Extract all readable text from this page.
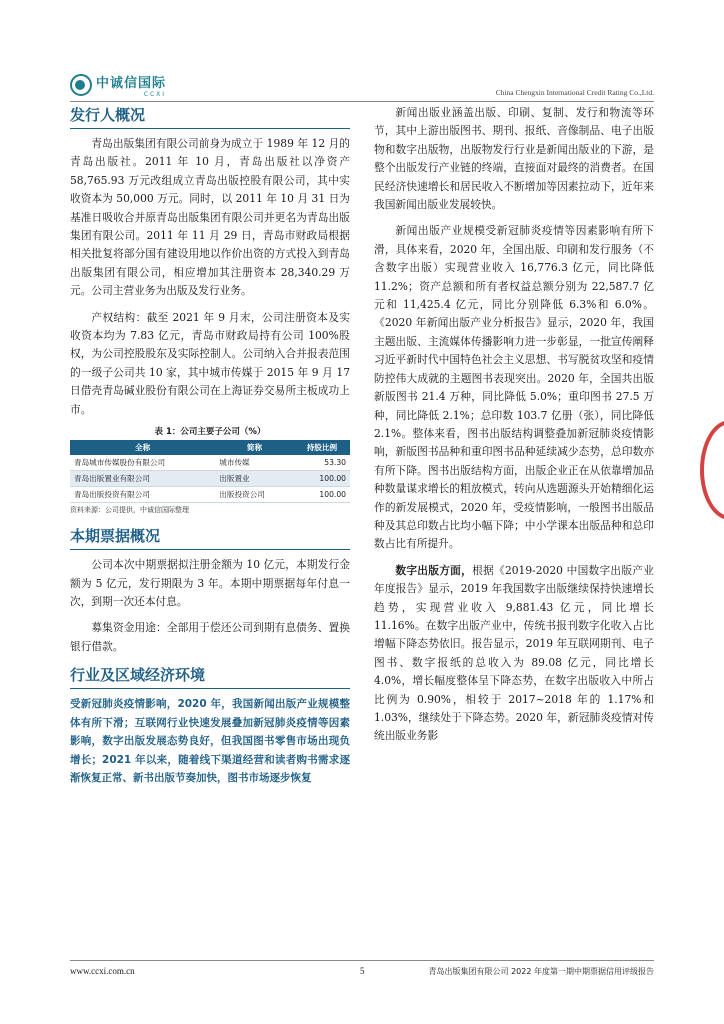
中诚信国际
CCXI	China Chengxin International Credit Rating Co.,Ltd.
发行人概况

青岛出版集团有限公司前身为成立于 1989 年 12 月的青岛出版社。2011 年 10 月，青岛出版社以净资产 58,765.93 万元改组成立青岛出版控股有限公司，其中实收资本为 50,000 万元。同时，以 2011 年 10 月 31 日为基准日吸收合并原青岛出版集团有限公司并更名为青岛出版集团有限公司。2011 年 11 月 29 日，青岛市财政局根据相关批复将部分国有建设用地以作价出资的方式投入到青岛出版集团有限公司，相应增加其注册资本 28,340.29 万元。公司主营业务为出版及发行业务。

产权结构：截至 2021 年 9 月末，公司注册资本及实收资本均为 7.83 亿元，青岛市财政局持有公司 100%股权，为公司控股股东及实际控制人。公司纳入合并报表范围的一级子公司共 10 家，其中城市传媒于 2015 年 9 月 17 日借壳青岛碱业股份有限公司在上海证券交易所主板成功上市。

表 1：公司主要子公司（%）
全称	简称	持股比例
青岛城市传媒股份有限公司	城市传媒	53.30
青岛出版置业有限公司	出版置业	100.00
青岛出版投资有限公司	出版投资公司	100.00
资料来源：公司提供，中诚信国际整理
本期票据概况

公司本次中期票据拟注册金额为 10 亿元，本期发行金额为 5 亿元，发行期限为 3 年。本期中期票据每年付息一次，到期一次还本付息。

募集资金用途：全部用于偿还公司到期有息债务、置换银行借款。

行业及区域经济环境

受新冠肺炎疫情影响，2020 年，我国新闻出版产业规模整体有所下滑；互联网行业快速发展叠加新冠肺炎疫情等因素影响，数字出版发展态势良好，但我国图书零售市场出现负增长；2021 年以来，随着线下渠道经营和读者购书需求逐渐恢复正常、新书出版节奏加快，图书市场逐步恢复

新闻出版业涵盖出版、印刷、复制、发行和物流等环节，其中上游出版图书、期刊、报纸、音像制品、电子出版物和数字出版物，出版物发行行业是新闻出版业的下游，是整个出版发行产业链的终端，直接面对最终的消费者。在国民经济快速增长和居民收入不断增加等因素拉动下，近年来我国新闻出版业发展较快。

新闻出版产业规模受新冠肺炎疫情等因素影响有所下滑，具体来看，2020 年，全国出版、印刷和发行服务（不含数字出版）实现营业收入 16,776.3 亿元，同比降低 11.2%；资产总额和所有者权益总额分别为 22,587.7 亿元和 11,425.4 亿元，同比分别降低 6.3%和 6.0%。《2020 年新闻出版产业分析报告》显示，2020 年，我国主题出版、主流媒体传播影响力进一步彰显，一批宣传阐释习近平新时代中国特色社会主义思想、书写脱贫攻坚和疫情防控伟大成就的主题图书表现突出。2020 年，全国共出版新版图书 21.4 万种，同比降低 5.0%；重印图书 27.5 万种，同比降低 2.1%；总印数 103.7 亿册（张），同比降低 2.1%。整体来看，图书出版结构调整叠加新冠肺炎疫情影响，新版图书品种和重印图书品种延续减少态势，总印数亦有所下降。图书出版结构方面，出版企业正在从依靠增加品种数量谋求增长的粗放模式，转向从选题源头开始精细化运作的新发展模式，2020 年，受疫情影响，一般图书出版品种及其总印数占比均小幅下降；中小学课本出版品种和总印数占比有所提升。

数字出版方面，根据《2019-2020 中国数字出版产业年度报告》显示，2019 年我国数字出版继续保持快速增长趋势，实现营业收入 9,881.43 亿元，同比增长 11.16%。在数字出版产业中，传统书报刊数字化收入占比增幅下降态势依旧。报告显示，2019 年互联网期刊、电子图书、数字报纸的总收入为 89.08 亿元，同比增长 4.0%，增长幅度整体呈下降态势，在数字出版收入中所占比例为 0.90%，相较于 2017~2018 年的 1.17%和 1.03%，继续处于下降态势。2020 年，新冠肺炎疫情对传统出版业务影

www.ccxi.com.cn	5	青岛出版集团有限公司 2022 年度第一期中期票据信用评级报告
